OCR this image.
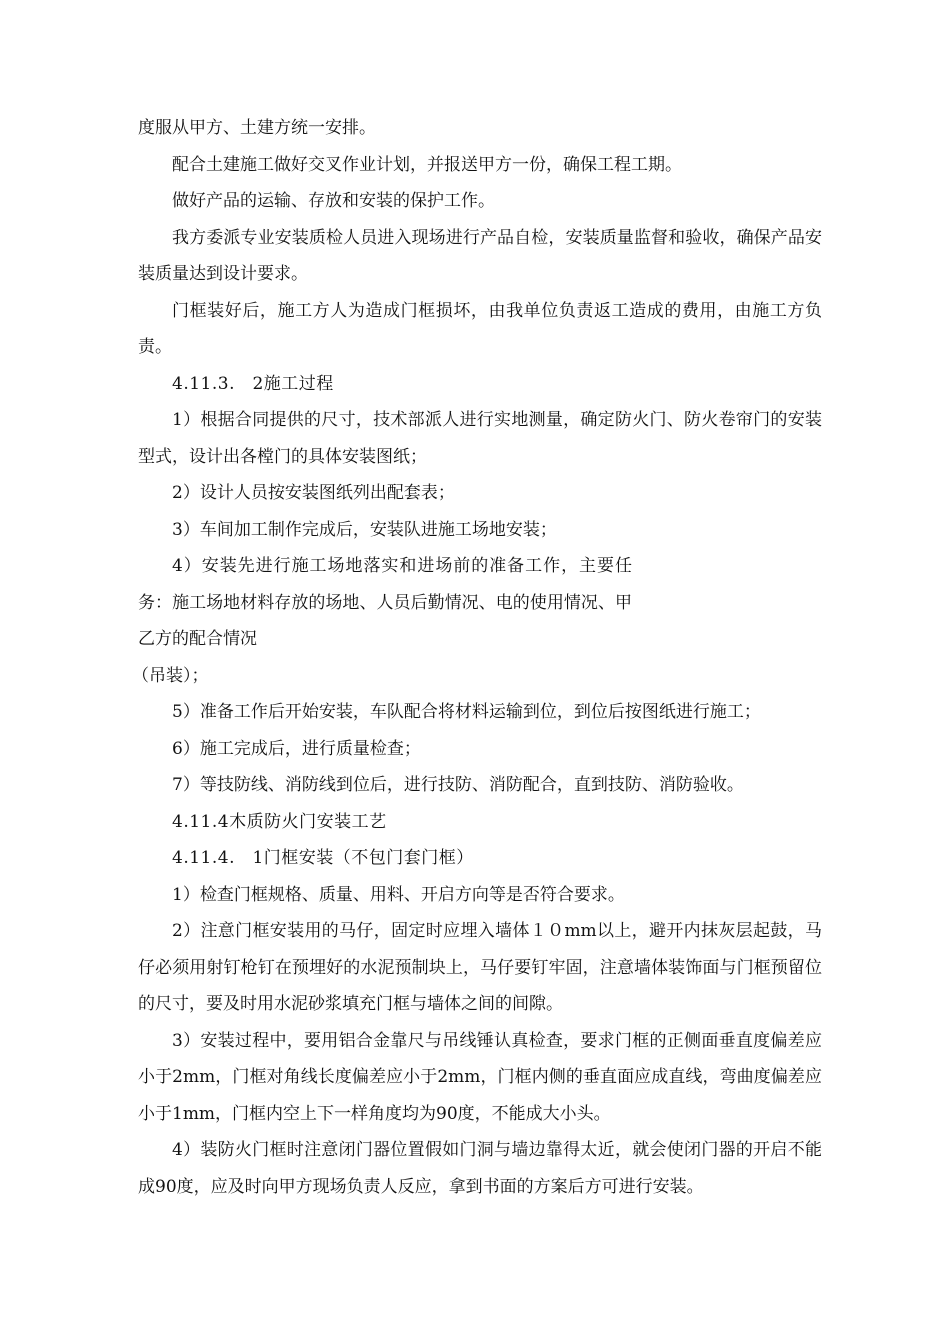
度服从甲方、土建方统一安排。

配合土建施工做好交叉作业计划，并报送甲方一份，确保工程工期。

做好产品的运输、存放和安装的保护工作。

我方委派专业安装质检人员进入现场进行产品自检，安装质量监督和验收，确保产品安装质量达到设计要求。

门框装好后，施工方人为造成门框损坏，由我单位负责返工造成的费用，由施工方负责。

4.11.3.　2施工过程

1）根据合同提供的尺寸，技术部派人进行实地测量，确定防火门、防火卷帘门的安装型式，设计出各樘门的具体安装图纸；

2）设计人员按安装图纸列出配套表；

3）车间加工制作完成后，安装队进施工场地安装；

4）安装先进行施工场地落实和进场前的准备工作，主要任务：施工场地材料存放的场地、人员后勤情况、电的使用情况、甲乙方的配合情况

（吊装）；

5）准备工作后开始安装，车队配合将材料运输到位，到位后按图纸进行施工；

6）施工完成后，进行质量检查；

7）等技防线、消防线到位后，进行技防、消防配合，直到技防、消防验收。

4.11.4木质防火门安装工艺

4.11.4.　1门框安装（不包门套门框）

1）检查门框规格、质量、用料、开启方向等是否符合要求。

2）注意门框安装用的马仔，固定时应埋入墙体１０mm以上，避开内抹灰层起鼓，马仔必须用射钉枪钉在预埋好的水泥预制块上，马仔要钉牢固，注意墙体装饰面与门框预留位的尺寸，要及时用水泥砂浆填充门框与墙体之间的间隙。

3）安装过程中，要用铝合金靠尺与吊线锤认真检查，要求门框的正侧面垂直度偏差应小于2mm，门框对角线长度偏差应小于2mm，门框内侧的垂直面应成直线，弯曲度偏差应小于1mm，门框内空上下一样角度均为90度，不能成大小头。

4）装防火门框时注意闭门器位置假如门洞与墙边靠得太近，就会使闭门器的开启不能成90度，应及时向甲方现场负责人反应，拿到书面的方案后方可进行安装。
